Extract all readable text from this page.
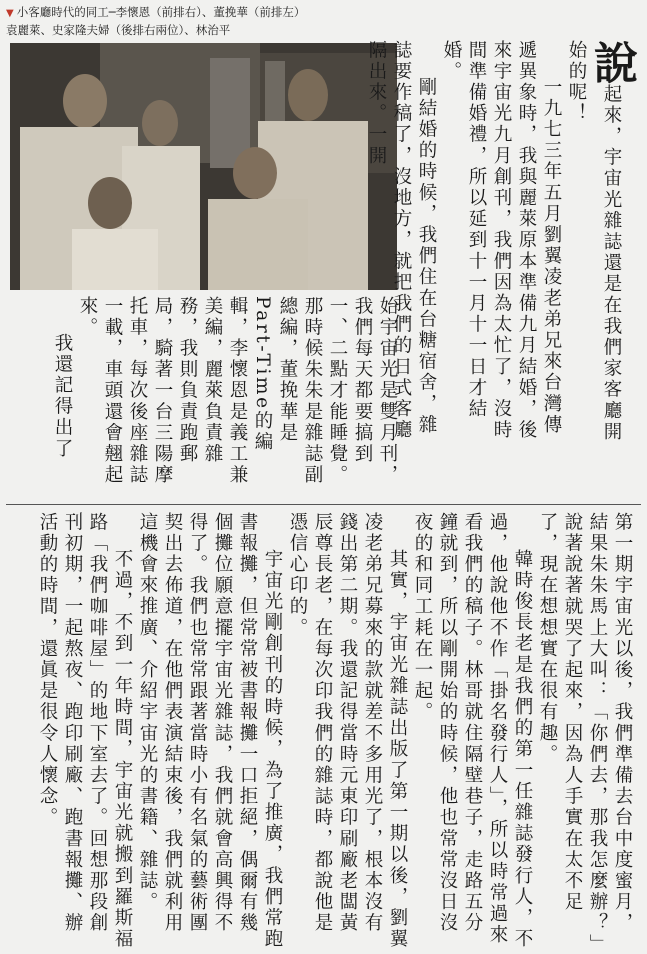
▼ 小客廳時代的同工─李懷恩（前排右）、董挽華（前排左）
袁麗萊、史家隆夫婦（後排右兩位）、林治平

說起來，宇宙光雜誌還是在我們家客廳開始的呢！

一九七三年五月劉翼凌老弟兄來台灣傳遞異象時，我與麗萊原本準備九月結婚，後來宇宙光九月創刊，我們因為太忙了，沒時間準備婚禮，所以延到十一月十一日才結婚。

剛結婚的時候，我們住在台糖宿舍，雜誌要作稿了，沒地方，就把我們的日式客廳隔出來。一開

始宇宙光是雙月刊，我們每天都要搞到一、二點才能睡覺。那時候朱朱是雜誌副總編，董挽華是Part-Time的編輯，李懷恩是義工兼美編，麗萊負責雜務，我則負責跑郵局，騎著一台三陽摩托車，每次後座雜誌一載，車頭還會翹起來。

我還記得出了

第一期宇宙光以後，我們準備去台中度蜜月，結果朱朱馬上大叫：「你們去，那我怎麼辦？」說著說著就哭了起來，因為人手實在太不足了，現在想想實在很有趣。

韓時俊長老是我們的第一任雜誌發行人，不過，他說他不作「掛名發行人」，所以時常過來看我們的稿子。林哥就住隔壁巷子，走路五分鐘就到，所以剛開始的時候，他也常常沒日沒夜的和同工耗在一起。

其實，宇宙光雜誌出版了第一期以後，劉翼凌老弟兄募來的款就差不多用光了，根本沒有錢出第二期。我還記得當時元東印刷廠老闆黃辰尊長老，在每次印我們的雜誌時，都說他是憑信心印的。

宇宙光剛創刊的時候，為了推廣，我們常跑書報攤，但常常被書報攤一口拒絕，偶爾有幾個攤位願意擺宇宙光雜誌，我們就會高興得不得了。我們也常常跟著當時小有名氣的藝術團契出去佈道，在他們表演結束後，我們就利用這機會來推廣、介紹宇宙光的書籍、雜誌。

不過，不到一年時間，宇宙光就搬到羅斯福路「我們咖啡屋」的地下室去了。回想那段創刊初期，一起熬夜、跑印刷廠、跑書報攤、辦活動的時間，還眞是很令人懷念。
